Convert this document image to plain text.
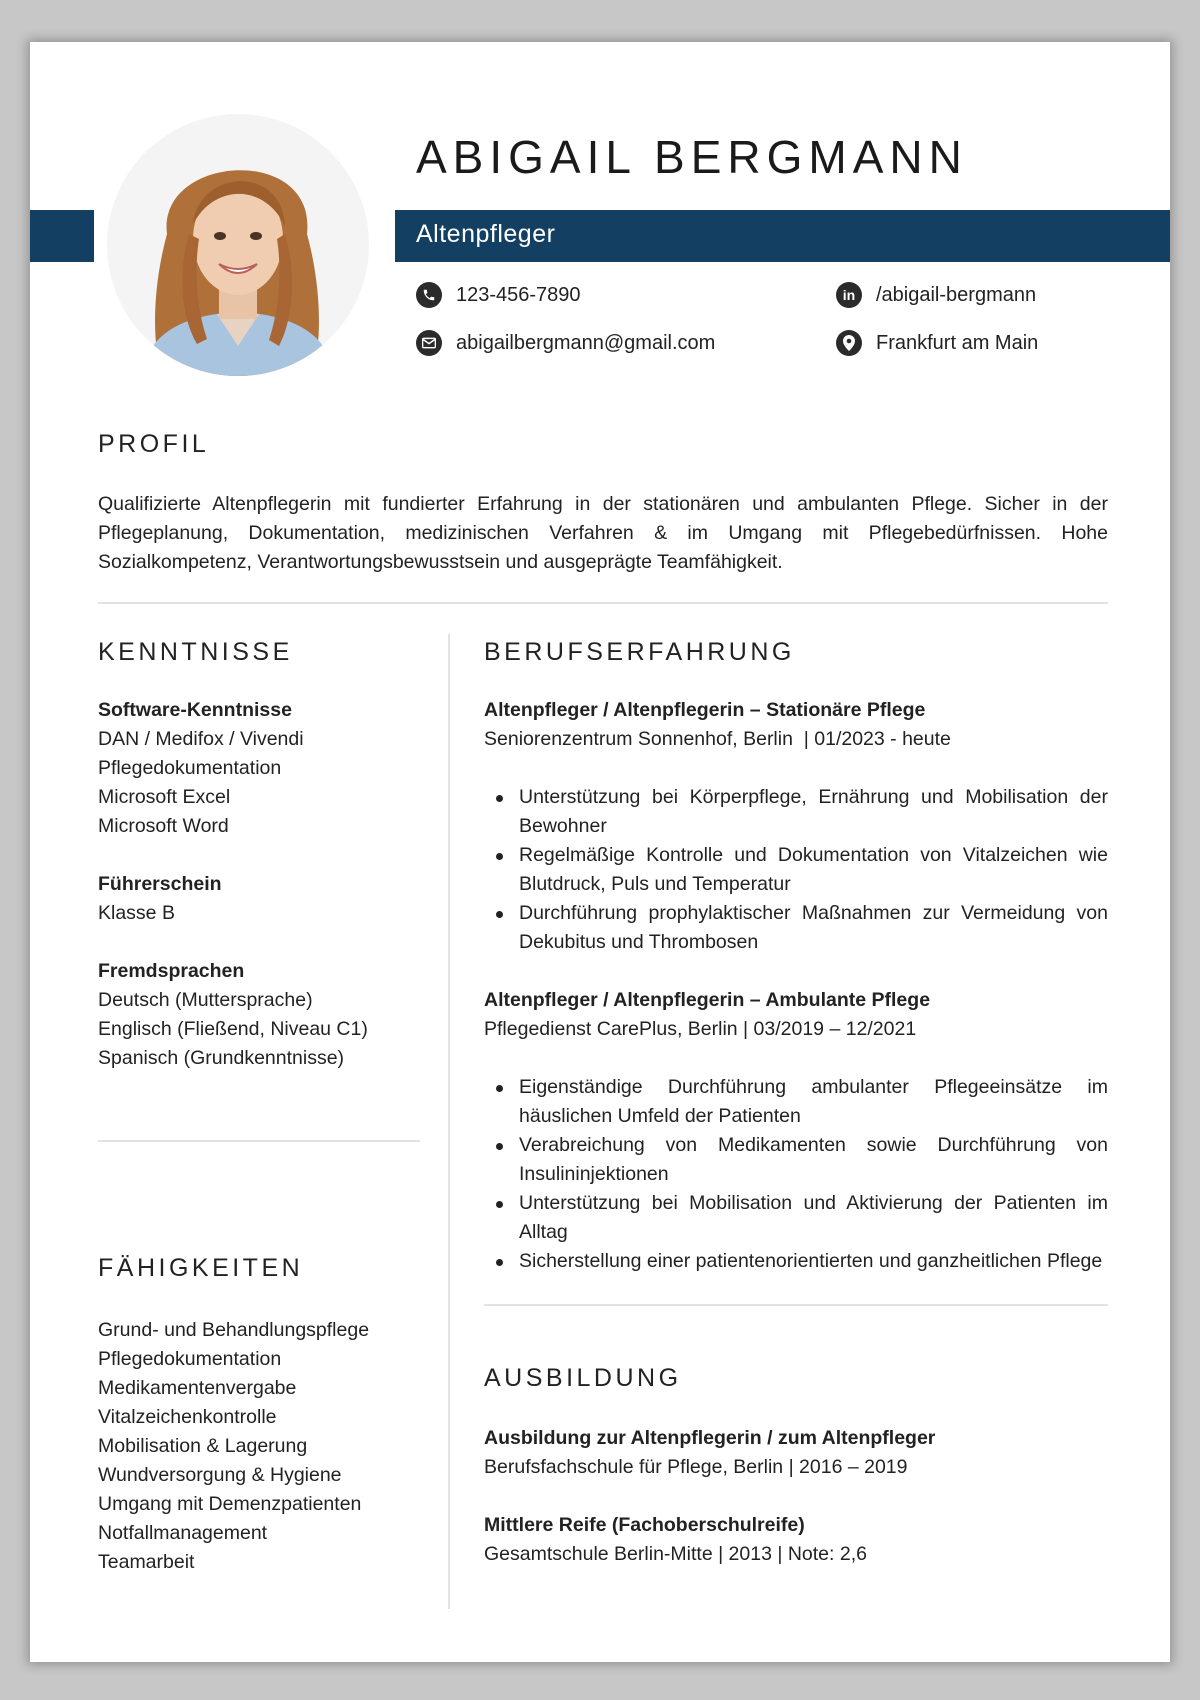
Altenpfleger
ABIGAIL BERGMANN
123-456-7890
abigailbergmann@gmail.com
in	/abigail-bergmann
Frankfurt am Main
PROFIL

Qualifizierte Altenpflegerin mit fundierter Erfahrung in der stationären und ambulanten Pflege. Sicher in der Pflegeplanung, Dokumentation, medizinischen Verfahren & im Umgang mit Pflegebedürfnissen. Hohe Sozialkompetenz, Verantwortungsbewusstsein und ausgeprägte Teamfähigkeit.

KENNTNISSE
Software-Kenntnisse
DAN / Medifox / Vivendi
Pflegedokumentation
Microsoft Excel
Microsoft Word
Führerschein
Klasse B
Fremdsprachen
Deutsch (Muttersprache)
Englisch (Fließend, Niveau C1)
Spanisch (Grundkenntnisse)
FÄHIGKEITEN
Grund- und Behandlungspflege
Pflegedokumentation
Medikamentenvergabe
Vitalzeichenkontrolle
Mobilisation & Lagerung
Wundversorgung & Hygiene
Umgang mit Demenzpatienten
Notfallmanagement
Teamarbeit
BERUFSERFAHRUNG
Altenpfleger / Altenpflegerin – Stationäre Pflege
Seniorenzentrum Sonnenhof, Berlin  | 01/2023 - heute
Unterstützung bei Körperpflege, Ernährung und Mobilisation der Bewohner
Regelmäßige Kontrolle und Dokumentation von Vitalzeichen wie Blutdruck, Puls und Temperatur
Durchführung prophylaktischer Maßnahmen zur Vermeidung von Dekubitus und Thrombosen
Altenpfleger / Altenpflegerin – Ambulante Pflege
Pflegedienst CarePlus, Berlin | 03/2019 – 12/2021
Eigenständige Durchführung ambulanter Pflegeeinsätze im häuslichen Umfeld der Patienten
Verabreichung von Medikamenten sowie Durchführung von Insulininjektionen
Unterstützung bei Mobilisation und Aktivierung der Patienten im Alltag
Sicherstellung einer patientenorientierten und ganzheitlichen Pflege
AUSBILDUNG
Ausbildung zur Altenpflegerin / zum Altenpfleger
Berufsfachschule für Pflege, Berlin | 2016 – 2019
Mittlere Reife (Fachoberschulreife)
Gesamtschule Berlin-Mitte | 2013 | Note: 2,6
